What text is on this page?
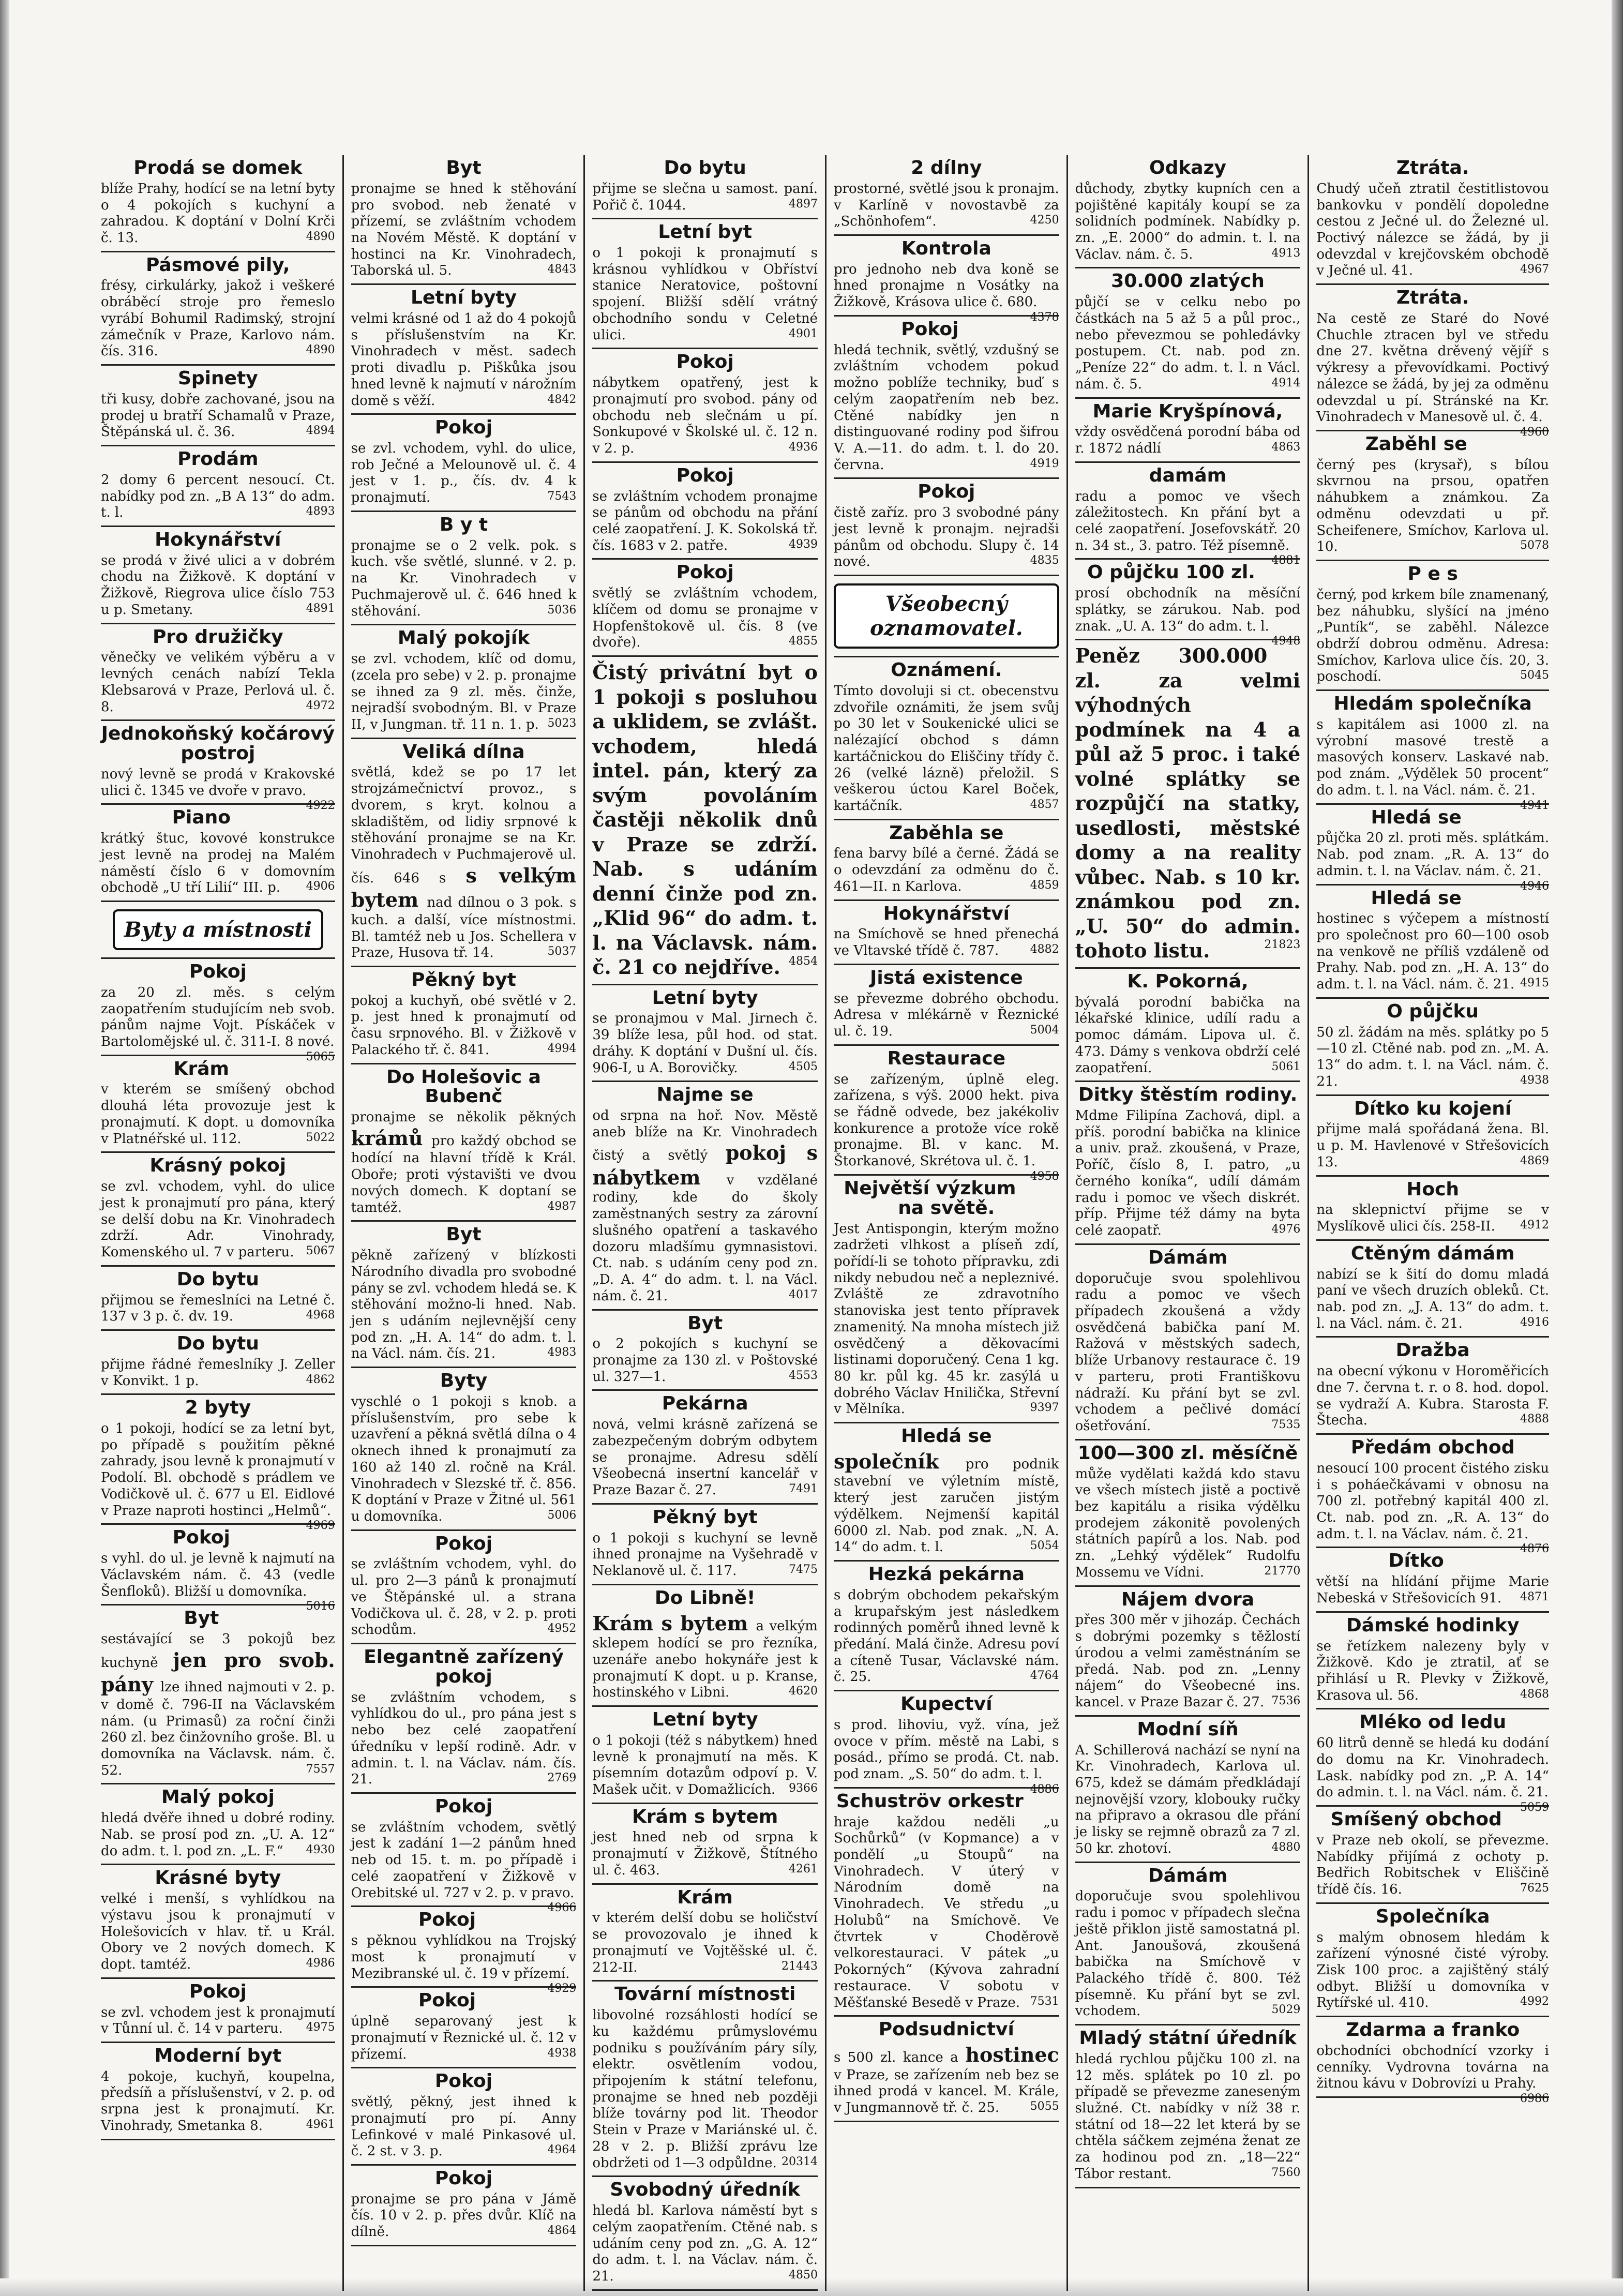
Prodá se domek

blíže Prahy, hodící se na letní byty o 4 pokojích s kuchyní a zahradou. K doptání v Dolní Krči č. 13.	4890

Pásmové pily,

frésy, cirkulárky, jakož i veškeré obráběcí stroje pro řemeslo vyrábí Bohumil Radimský, strojní zámečník v Praze, Karlovo nám. čís. 316.	4890

Spinety

tři kusy, dobře zachované, jsou na prodej u bratří Schamalů v Praze, Štěpánská ul. č. 36.	4894

Prodám

2 domy 6 percent nesoucí. Ct. nabídky pod zn. „B A 13“ do adm. t. l.	4893

Hokynářství

se prodá v živé ulici a v dobrém chodu na Žižkově. K doptání v Žižkově, Riegrova ulice číslo 753 u p. Smetany.	4891

Pro družičky

věnečky ve velikém výběru a v levných cenách nabízí Tekla Klebsarová v Praze, Perlová ul. č. 8.	4972

Jednokoňský kočárový postroj

nový levně se prodá v Krakovské ulici č. 1345 ve dvoře v pravo.
4922

Piano

krátký štuc, kovové konstrukce jest levně na prodej na Malém náměstí číslo 6 v domovním obchodě „U tří Lilií“ III. p. 4906

Byty a místnosti
Pokoj

za 20 zl. měs. s celým zaopatřením studujícím neb svob. pánům najme Vojt. Pískáček v Bartolomějské ul. č. 311-I. 8 nové.
5065

Krám

v kterém se smíšený obchod dlouhá léta provozuje jest k pronajmutí. K dopt. u domovníka v Platnéřské ul. 112.	5022

Krásný pokoj

se zvl. vchodem, vyhl. do ulice jest k pronajmutí pro pána, který se delší dobu na Kr. Vinohradech zdrží. Adr. Vinohrady, Komenského ul. 7 v parteru. 5067

Do bytu

přijmou se řemeslníci na Letné č. 137 v 3 p. č. dv. 19.	4968

Do bytu

přijme řádné řemeslníky J. Zeller v Konvikt. 1 p.	4862

2 byty

o 1 pokoji, hodící se za letní byt, po případě s použitím pěkné zahrady, jsou levně k pronajmutí v Podolí. Bl. obchodě s prádlem ve Vodičkově ul. č. 677 u El. Eidlové v Praze naproti hostinci „Helmů“.
4969

Pokoj

s vyhl. do ul. je levně k najmutí na Václavském nám. č. 43 (vedle Šenfloků). Bližší u domovníka.
5016

Byt

sestávající se 3 pokojů bez kuchyně jen pro svob. pány lze ihned najmouti v 2. p. v domě č. 796-II na Václavském nám. (u Primasů) za roční činži 260 zl. bez činžovního groše. Bl. u domovníka na Václavsk. nám. č. 52.	7557

Malý pokoj

hledá dvěře ihned u dobré rodiny. Nab. se prosí pod zn. „U. A. 12“ do adm. t. l. pod zn. „L. F.“ 4930

Krásné byty

velké i menší, s vyhlídkou na výstavu jsou k pronajmutí v Holešovicích v hlav. tř. u Král. Obory ve 2 nových domech. K dopt. tamtéž.	4986

Pokoj

se zvl. vchodem jest k pronajmutí v Tůnní ul. č. 14 v parteru. 4975

Moderní byt

4 pokoje, kuchyň, koupelna, předsíň a příslušenství, v 2. p. od srpna jest k pronajmutí. Kr. Vinohrady, Smetanka 8.	4961

Byt

pronajme se hned k stěhování pro svobod. neb ženaté v přízemí, se zvláštním vchodem na Novém Městě. K doptání v hostinci na Kr. Vinohradech, Taborská ul. 5.	4843

Letní byty

velmi krásné od 1 až do 4 pokojů s příslušenstvím na Kr. Vinohradech v měst. sadech proti divadlu p. Piškůka jsou hned levně k najmutí v nárožním domě s věží.	4842

Pokoj

se zvl. vchodem, vyhl. do ulice, rob Ječné a Melounově ul. č. 4 jest v 1. p., čís. dv. 4 k pronajmutí.	7543

B y t

pronajme se o 2 velk. pok. s kuch. vše světlé, slunné. v 2. p. na Kr. Vinohradech v Puchmajerově ul. č. 646 hned k stěhování.	5036

Malý pokojík

se zvl. vchodem, klíč od domu, (zcela pro sebe) v 2. p. pronajme se ihned za 9 zl. měs. činže, nejradší svobodným. Bl. v Praze II, v Jungman. tř. 11 n. 1. p. 5023

Veliká dílna

světlá, kdež se po 17 let strojzámečnictví provoz., s dvorem, s kryt. kolnou a skladištěm, od lidiy srpnové k stěhování pronajme se na Kr. Vinohradech v Puchmajerově ul. čís. 646 s s velkým bytem nad dílnou o 3 pok. s kuch. a další, více místnostmi. Bl. tamtéž neb u Jos. Schellera v Praze, Husova tř. 14.	5037

Pěkný byt

pokoj a kuchyň, obé světlé v 2. p. jest hned k pronajmutí od času srpnového. Bl. v Žižkově v Palackého tř. č. 841.	4994

Do Holešovic a Bubenč

pronajme se několik pěkných krámů pro každý obchod se hodící na hlavní třídě k Král. Oboře; proti výstavišti ve dvou nových domech. K doptaní se tamtéž.	4987

Byt

pěkně zařízený v blízkosti Národního divadla pro svobodné pány se zvl. vchodem hledá se. K stěhování možno-li hned. Nab. jen s udáním nejlevnější ceny pod zn. „H. A. 14“ do adm. t. l. na Václ. nám. čís. 21.	4983

Byty

vyschlé o 1 pokoji s knob. a příslušenstvím, pro sebe k uzavření a pěkná světlá dílna o 4 oknech ihned k pronajmutí za 160 až 140 zl. ročně na Král. Vinohradech v Slezské tř. č. 856. K doptání v Praze v Žitné ul. 561 u domovníka.	5006

Pokoj

se zvláštním vchodem, vyhl. do ul. pro 2—3 pánů k pronajmutí ve Štěpánské ul. a strana Vodičkova ul. č. 28, v 2. p. proti schodům.	4952

Elegantně zařízený pokoj

se zvláštním vchodem, s vyhlídkou do ul., pro pána jest s nebo bez celé zaopatření úředníku v lepší rodině. Adr. v admin. t. l. na Václav. nám. čís. 21.	2769

Pokoj

se zvláštním vchodem, světlý jest k zadání 1—2 pánům hned neb od 15. t. m. po případě i celé zaopatření v Žižkově v Orebitské ul. 727 v 2. p. v pravo.
4966

Pokoj

s pěknou vyhlídkou na Trojský most k pronajmutí v Mezibranské ul. č. 19 v přízemí.
4929

Pokoj

úplně separovaný jest k pronajmutí v Řeznické ul. č. 12 v přízemí.	4938

Pokoj

světlý, pěkný, jest ihned k pronajmutí pro pí. Anny Lefinkové v malé Pinkasové ul. č. 2 st. v 3. p.	4964

Pokoj

pronajme se pro pána v Jámě čís. 10 v 2. p. přes dvůr. Klíč na dílně.	4864

Do bytu

přijme se slečna u samost. paní. Pořič č. 1044.	4897

Letní byt

o 1 pokoji k pronajmutí s krásnou vyhlídkou v Obříství stanice Neratovice, poštovní spojení. Bližší sdělí vrátný obchodního sondu v Celetné ulici.	4901

Pokoj

nábytkem opatřený, jest k pronajmutí pro svobod. pány od obchodu neb slečnám u pí. Sonkupové v Školské ul. č. 12 n. v 2. p.	4936

Pokoj

se zvláštním vchodem pronajme se pánům od obchodu na přání celé zaopatření. J. K. Sokolská tř. čís. 1683 v 2. patře.	4939

Pokoj

světlý se zvláštním vchodem, klíčem od domu se pronajme v Hopfenštokově ul. čís. 8 (ve dvoře).	4855

Čistý privátní byt o 1 pokoji s posluhou a uklidem, se zvlášt. vchodem, hledá intel. pán, který za svým povoláním častěji několik dnů v Praze se zdrží. Nab. s udáním denní činže pod zn. „Klid 96“ do adm. t. l. na Václavsk. nám. č. 21 co nejdříve. 4854

Letní byty

se pronajmou v Mal. Jirnech č. 39 blíže lesa, půl hod. od stat. dráhy. K doptání v Dušní ul. čís. 906-I, u A. Borovičky.	4505

Najme se

od srpna na hoř. Nov. Městě aneb blíže na Kr. Vinohradech čistý a světlý pokoj s nábytkem v vzdělané rodiny, kde do školy zaměstnaných sestry za zárovní slušného opatření a taskavého dozoru mladšímu gymnasistovi. Ct. nab. s udáním ceny pod zn. „D. A. 4“ do adm. t. l. na Václ. nám. č. 21.	4017

Byt

o 2 pokojích s kuchyní se pronajme za 130 zl. v Poštovské ul. 327—1.	4553

Pekárna

nová, velmi krásně zařízená se zabezpečeným dobrým odbytem se pronajme. Adresu sdělí Všeobecná insertní kancelář v Praze Bazar č. 27.	7491

Pěkný byt

o 1 pokoji s kuchyní se levně ihned pronajme na Vyšehradě v Neklanově ul. č. 117.	7475

Do Libně!

Krám s bytem a velkým sklepem hodící se pro řezníka, uzenáře anebo hokynáře jest k pronajmutí K dopt. u p. Kranse, hostinského v Libni.	4620

Letní byty

o 1 pokoji (též s nábytkem) hned levně k pronajmutí na měs. K písemním dotazům odpoví p. V. Mašek učit. v Domažlicích. 9366

Krám s bytem

jest hned neb od srpna k pronajmutí v Žižkově, Štítného ul. č. 463.	4261

Krám

v kterém delší dobu se holičství se provozovalo je ihned k pronajmutí ve Vojtěšské ul. č. 212-II.	21443

Tovární místnosti

libovolné rozsáhlosti hodící se ku každému průmyslovému podniku s používáním páry síly, elektr. osvětlením vodou, připojením k státní telefonu, pronajme se hned neb později blíže továrny pod lit. Theodor Stein v Praze v Mariánské ul. č. 28 v 2. p. Bližší zprávu lze obdržeti od 1—3 odpůldne. 20314

Svobodný úředník

hledá bl. Karlova náměstí byt s celým zaopatřením. Ctěné nab. s udáním ceny pod zn. „G. A. 12“ do adm. t. l. na Václav. nám. č. 21.	4850

2 dílny

prostorné, světlé jsou k pronajm. v Karlíně v novostavbě za „Schönhofem“.	4250

Kontrola

pro jednoho neb dva koně se hned pronajme n Vosátky na Žižkově, Krásova ulice č. 680.
4378

Pokoj

hledá technik, světlý, vzdušný se zvláštním vchodem pokud možno poblíže techniky, buď s celým zaopatřením neb bez. Ctěné nabídky jen n distinguované rodiny pod šifrou V. A.—11. do adm. t. l. do 20. června.	4919

Pokoj

čistě zaříz. pro 3 svobodné pány jest levně k pronajm. nejradši pánům od obchodu. Slupy č. 14 nové.	4835

Všeobecný oznamovatel.
Oznámení.

Tímto dovoluji si ct. obecenstvu zdvořile oznámiti, že jsem svůj po 30 let v Soukenické ulici se nalézající obchod s dámn kartáčnickou do Eliščiny třídy č. 26 (velké lázně) přeložil. S veškerou úctou Karel Boček, kartáčník.	4857

Zaběhla se

fena barvy bílé a černé. Žádá se o odevzdání za odměnu do č. 461—II. n Karlova.	4859

Hokynářství

na Smíchově se hned přenechá ve Vltavské třídě č. 787.	4882

Jistá existence

se převezme dobrého obchodu. Adresa v mlékárně v Řeznické ul. č. 19.	5004

Restaurace

se zařízeným, úplně eleg. zařízena, s výš. 2000 hekt. piva se řádně odvede, bez jakékoliv konkurence a protože více rokě pronajme. Bl. v kanc. M. Štorkanové, Skrétova ul. č. 1.
4958

Největší výzkum na světě.

Jest Antispongin, kterým možno zadržeti vlhkost a plíseň zdí, pořídí-li se tohoto přípravku, zdi nikdy nebudou neč a nepleznivé. Zvláště ze zdravotního stanoviska jest tento přípravek znamenitý. Na mnoha místech již osvědčený a děkovacími listinami doporučený. Cena 1 kg. 80 kr. půl kg. 45 kr. zasýlá u dobrého Václav Hnilička, Střevní v Mělníka.	9397

Hledá se

společník pro podnik stavební ve výletním místě, který jest zaručen jistým výdělkem. Nejmenší kapitál 6000 zl. Nab. pod znak. „N. A. 14“ do adm. t. l.	5054

Hezká pekárna

s dobrým obchodem pekařským a krupařským jest následkem rodinných poměrů ihned levně k předání. Malá činže. Adresu poví a cíteně Tusar, Václavské nám. č. 25.	4764

Kupectví

s prod. lihoviu, vyž. vína, jež ovoce v přím. městě na Labi, s posád., přímo se prodá. Ct. nab. pod znam. „S. 50“ do adm. t. l.
4886

Schuströv orkestr

hraje každou neděli „u Sochůrků“ (v Kopmance) a v pondělí „u Stoupů“ na Vinohradech. V úterý v Národním domě na Vinohradech. Ve středu „u Holubů“ na Smíchově. Ve čtvrtek v Choděrově velkorestauraci. V pátek „u Pokorných“ (Kývova zahradní restaurace. V sobotu v Měšťanské Besedě v Praze. 7531

Podsudnictví

s 500 zl. kance a hostinec v Praze, se zařízením neb bez se ihned prodá v kancel. M. Krále, v Jungmannově tř. č. 25.	5055

Odkazy

důchody, zbytky kupních cen a pojištěné kapitály koupí se za solidních podmínek. Nabídky p. zn. „E. 2000“ do admin. t. l. na Václav. nám. č. 5.	4913

30.000 zlatých

půjčí se v celku nebo po částkách na 5 až 5 a půl proc., nebo převezmou se pohledávky postupem. Ct. nab. pod zn. „Peníze 22“ do adm. t. l. n Václ. nám. č. 5.	4914

Marie Kryšpínová,

vždy osvědčená porodní bába od r. 1872 nádlí	4863

damám

radu a pomoc ve všech záležitostech. Kn přání byt a celé zaopatření. Josefovskátř. 20 n. 34 st., 3. patro. Též písemně.
4881

O půjčku 100 zl.

prosí obchodník na měsíční splátky, se zárukou. Nab. pod znak. „U. A. 13“ do adm. t. l.
4948

Peněz 300.000 zl. za velmi výhodných podmínek na 4 a půl až 5 proc. i také volné splátky se rozpůjčí na statky, usedlosti, městské domy a na reality vůbec. Nab. s 10 kr. známkou pod zn. „U. 50“ do admin. tohoto listu.	21823

K. Pokorná,

bývalá porodní babička na lékařské klinice, udílí radu a pomoc dámám. Lipova ul. č. 473. Dámy s venkova obdrží celé zaopatření.	5061

Ditky štěstím rodiny.

Mdme Filipína Zachová, dipl. a příš. porodní babička na klinice a univ. praž. zkoušená, v Praze, Poříč, číslo 8, I. patro, „u černého koníka“, udílí dámám radu i pomoc ve všech diskrét. příp. Přijme též dámy na byta celé zaopatř.	4976

Dámám

doporučuje svou spolehlivou radu a pomoc ve všech případech zkoušená a vždy osvědčená babička paní M. Ražová v městských sadech, blíže Urbanovy restaurace č. 19 v parteru, proti Františkovu nádraží. Ku přání byt se zvl. vchodem a pečlivé domácí ošetřování.	7535

100—300 zl. měsíčně

může vydělati každá kdo stavu ve všech místech jistě a poctivě bez kapitálu a risika výdělku prodejem zákonitě povolených státních papírů a los. Nab. pod zn. „Lehký výdělek“ Rudolfu Mossemu ve Vídni.	21770

Nájem dvora

přes 300 měr v jihozáp. Čechách s dobrými pozemky s těžlostí úrodou a velmi zaměstnáním se předá. Nab. pod zn. „Lenny nájem“ do Všeobecné ins. kancel. v Praze Bazar č. 27. 7536

Modní síň

A. Schillerová nachází se nyní na Kr. Vinohradech, Karlova ul. 675, kdež se dámám předkládají nejnovější vzory, klobouky ručky na připravo a okrasou dle přání je lisky se rejmně obrazů za 7 zl. 50 kr. zhotoví.	4880

Dámám

doporučuje svou spolehlivou radu i pomoc v případech slečna ještě přiklon jistě samostatná pl. Ant. Janoušová, zkoušená babička na Smíchově v Palackého třídě č. 800. Též písemně. Ku přání byt se zvl. vchodem.	5029

Mladý státní úředník

hledá rychlou půjčku 100 zl. na 12 měs. splátek po 10 zl. po případě se převezme zaneseným služné. Ct. nabídky v níž 38 r. státní od 18—22 let která by se chtěla sáčkem zejména ženat ze za hodinou pod zn. „18—22“ Tábor restant.	7560

Ztráta.

Chudý učeň ztratil čestitlistovou bankovku v pondělí dopoledne cestou z Ječné ul. do Železné ul. Poctivý nálezce se žádá, by ji odevzdal v krejčovském obchodě v Ječné ul. 41.	4967

Ztráta.

Na cestě ze Staré do Nové Chuchle ztracen byl ve středu dne 27. května drěvený vějíř s výkresy a převovídkami. Poctivý nálezce se žádá, by jej za odměnu odevzdal u pí. Stránské na Kr. Vinohradech v Manesově ul. č. 4.
4960

Zaběhl se

černý pes (krysař), s bílou skvrnou na prsou, opatřen náhubkem a známkou. Za odměnu odevzdati u př. Scheifenere, Smíchov, Karlova ul. 10.	5078

P e s

černý, pod krkem bíle znamenaný, bez náhubku, slyšící na jméno „Puntík“, se zaběhl. Nálezce obdrží dobrou odměnu. Adresa: Smíchov, Karlova ulice čís. 20, 3. poschodí.	5045

Hledám společníka

s kapitálem asi 1000 zl. na výrobní masové trestě a masových konserv. Laskavé nab. pod znám. „Výdělek 50 procent“ do adm. t. l. na Václ. nám. č. 21.
4941

Hledá se

půjčka 20 zl. proti měs. splátkám. Nab. pod znam. „R. A. 13“ do admin. t. l. na Václav. nám. č. 21.
4946

Hledá se

hostinec s výčepem a místností pro společnost pro 60—100 osob na venkově ne příliš vzdáleně od Prahy. Nab. pod zn. „H. A. 13“ do adm. t. l. na Václ. nám. č. 21. 4915

O půjčku

50 zl. žádám na měs. splátky po 5—10 zl. Ctěné nab. pod zn. „M. A. 13“ do adm. t. l. na Václ. nám. č. 21.	4938

Dítko ku kojení

přijme malá spořádaná žena. Bl. u p. M. Havlenové v Střešovicích 13.	4869

Hoch

na sklepnictví přijme se v Myslíkově ulici čís. 258-II. 4912

Ctěným dámám

nabízí se k šití do domu mladá paní ve všech druzích obleků. Ct. nab. pod zn. „J. A. 13“ do adm. t. l. na Václ. nám. č. 21.	4916

Dražba

na obecní výkonu v Horoměřicích dne 7. června t. r. o 8. hod. dopol. se vydraží A. Kubra. Starosta F. Štecha.	4888

Předám obchod

nesoucí 100 procent čistého zisku i s poháečkávami v obnosu na 700 zl. potřebný kapitál 400 zl. Ct. nab. pod zn. „R. A. 13“ do adm. t. l. na Václav. nám. č. 21.
4876

Dítko

větší na hlídání přijme Marie Nebeská v Střešovicích 91. 4871

Dámské hodinky

se řetízkem nalezeny byly v Žižkově. Kdo je ztratil, ať se přihlásí u R. Plevky v Žižkově, Krasova ul. 56.	4868

Mléko od ledu

60 litrů denně se hledá ku dodání do domu na Kr. Vinohradech. Lask. nabídky pod zn. „P. A. 14“ do admin. t. l. na Václ. nám. č. 21.
5059

Smíšený obchod

v Praze neb okolí, se převezme. Nabídky přijímá z ochoty p. Bedřich Robitschek v Eliščině třídě čís. 16.	7625

Společníka

s malým obnosem hledám k zařízení výnosné čisté výroby. Zisk 100 proc. a zajištěný stálý odbyt. Bližší u domovníka v Rytířské ul. 410.	4992

Zdarma a franko

obchodníci obchodnící vzorky i cenníky. Vydrovna továrna na žitnou kávu v Dobrovízi u Prahy.
6986
